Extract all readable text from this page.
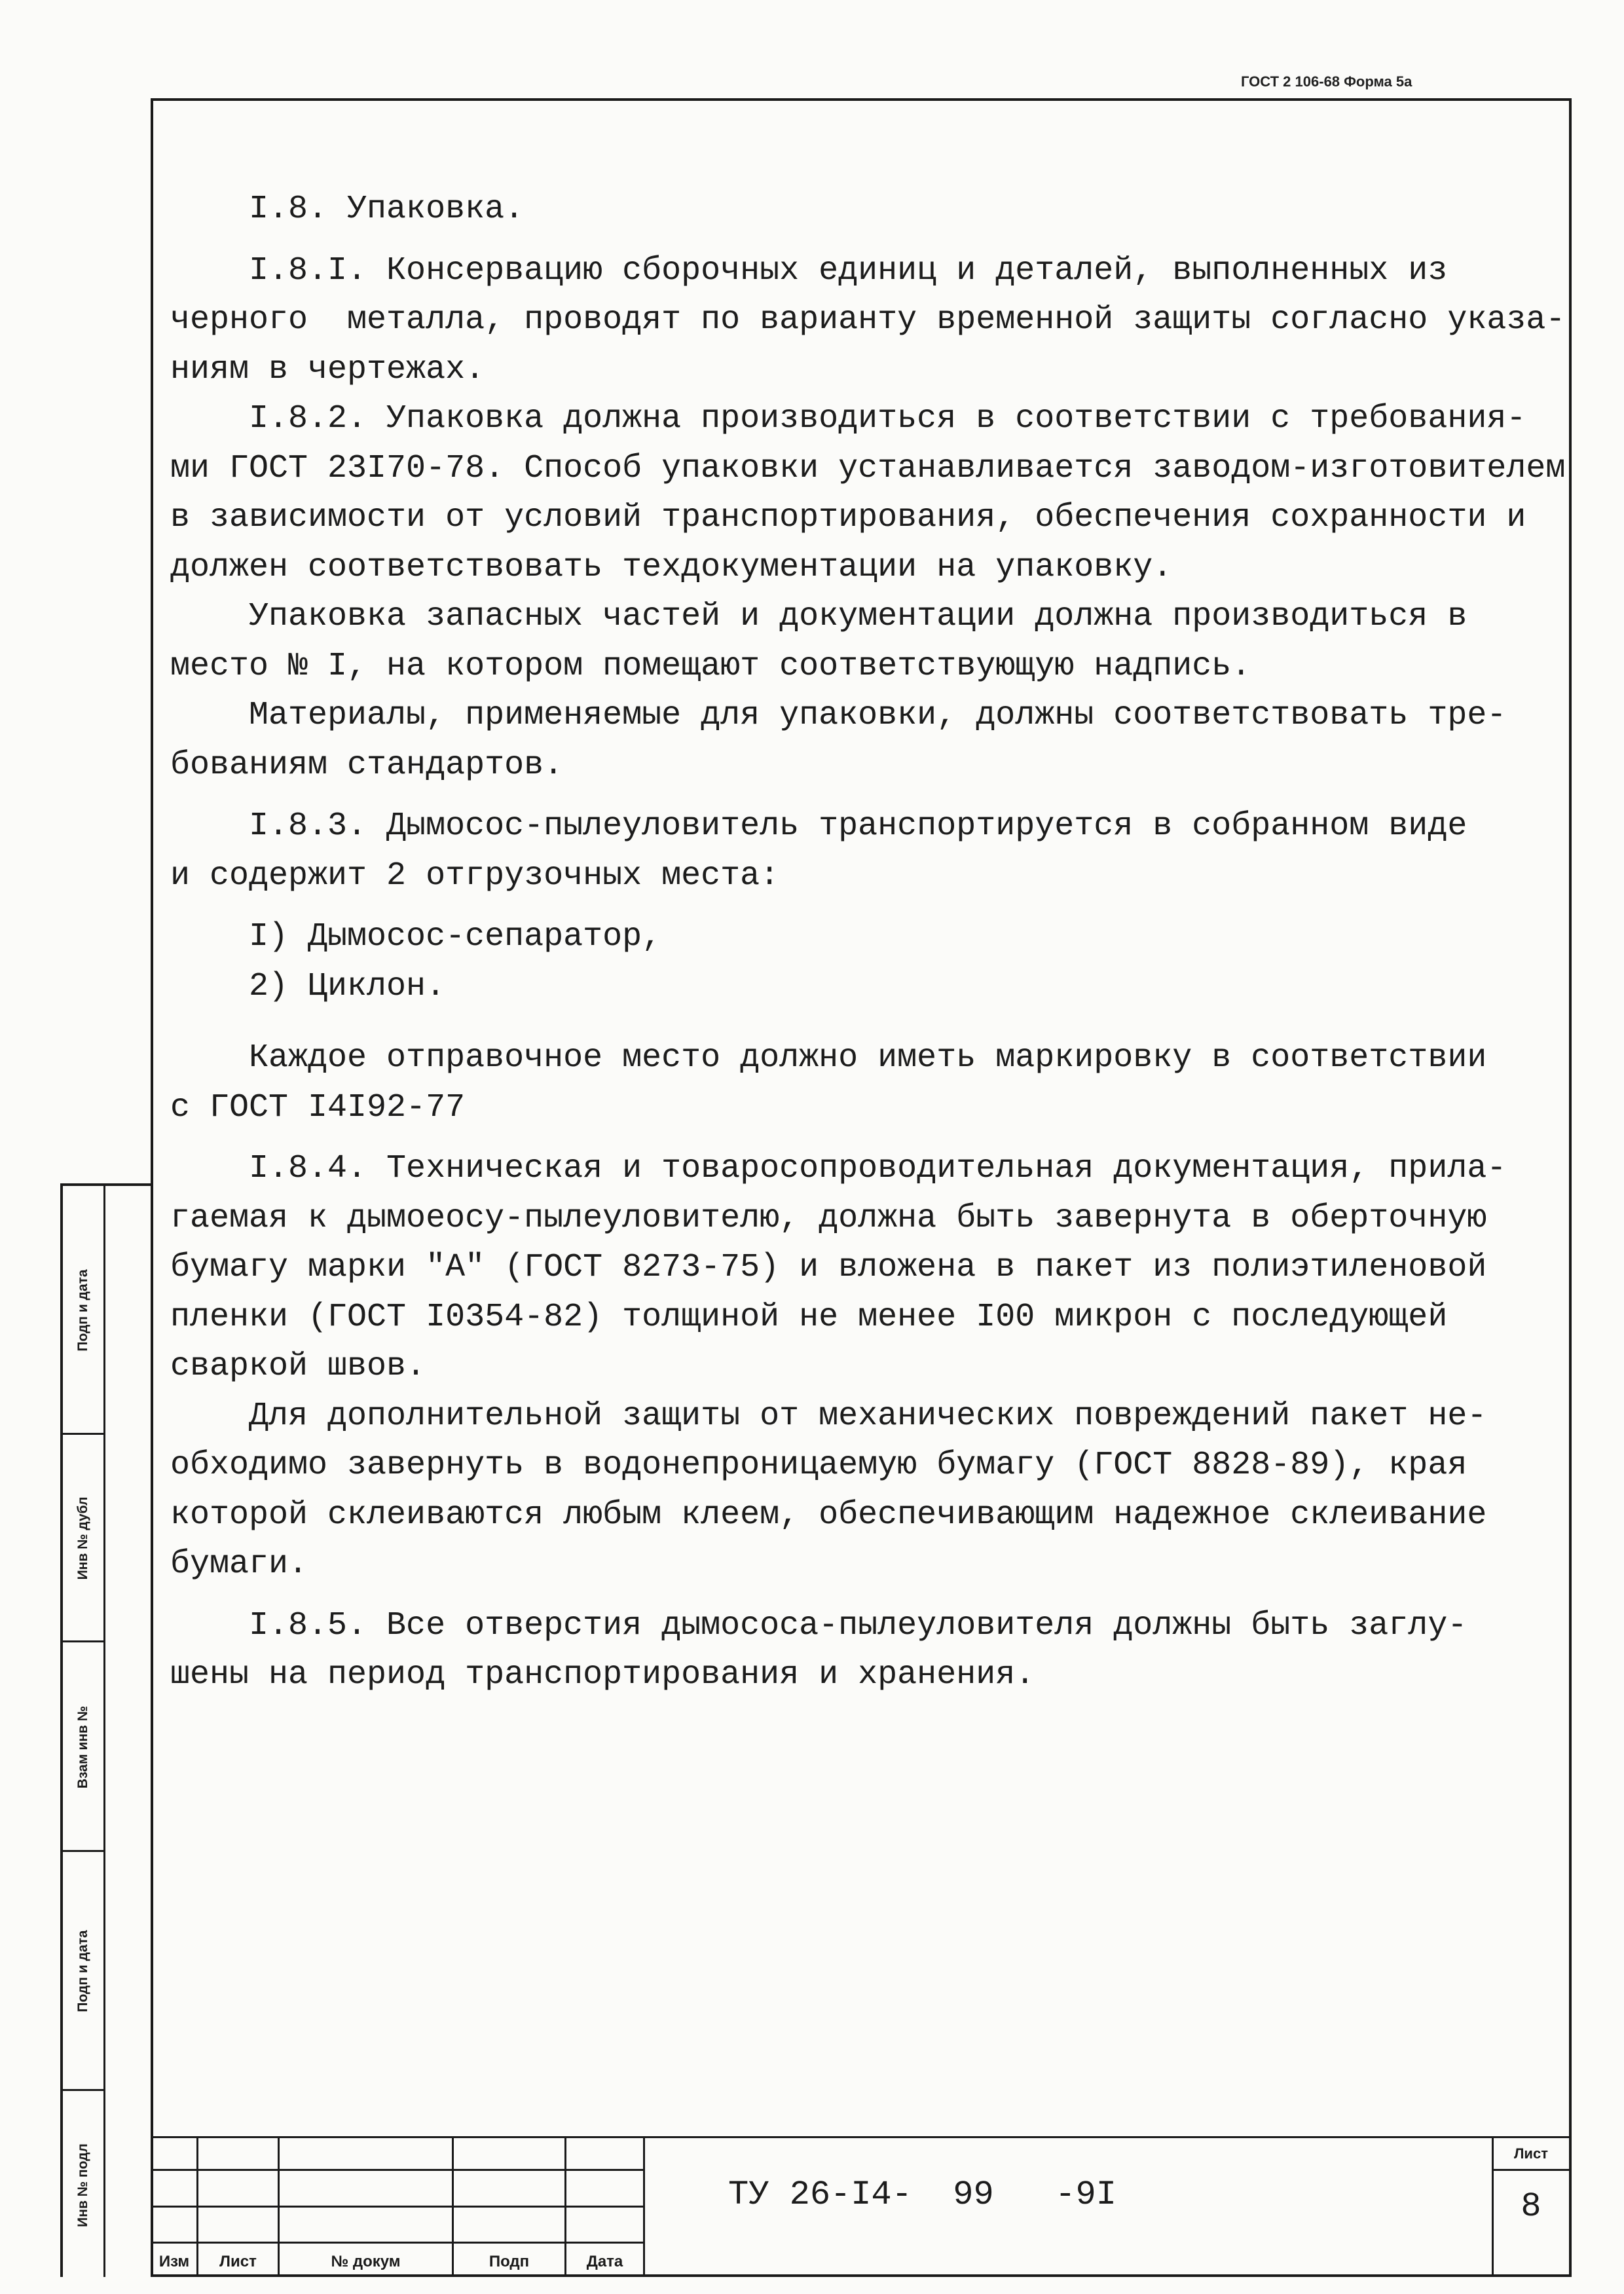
ГОСТ 2 106-68 Форма 5а

I.8. Упаковка.

I.8.I. Консервацию сборочных единиц и деталей, выполненных из

черного  металла, проводят по варианту временной защиты согласно указа-

ниям в чертежах.

I.8.2. Упаковка должна производиться в соответствии с требования-

ми ГОСТ 23I70-78. Способ упаковки устанавливается заводом-изготовителем

в зависимости от условий транспортирования, обеспечения сохранности и

должен соответствовать техдокументации на упаковку.

Упаковка запасных частей и документации должна производиться в

место № I, на котором помещают соответствующую надпись.

Материалы, применяемые для упаковки, должны соответствовать тре-

бованиям стандартов.

I.8.3. Дымосос-пылеуловитель транспортируется в собранном виде

и содержит 2 отгрузочных места:

I) Дымосос-сепаратор,

2) Циклон.

Каждое отправочное место должно иметь маркировку в соответствии

с ГОСТ I4I92-77

I.8.4. Техническая и товаросопроводительная документация, прила-

гаемая к дымоеосу-пылеуловителю, должна быть завернута в оберточную

бумагу марки "А" (ГОСТ 8273-75) и вложена в пакет из полиэтиленовой

пленки (ГОСТ I0354-82) толщиной не менее I00 микрон с последующей

сваркой швов.

Для дополнительной защиты от механических повреждений пакет не-

обходимо завернуть в водонепроницаемую бумагу (ГОСТ 8828-89), края

которой склеиваются любым клеем, обеспечивающим надежное склеивание

бумаги.

I.8.5. Все отверстия дымососа-пылеуловителя должны быть заглу-

шены на период транспортирования и хранения.

Подп и дата
Инв № дубл
Взам инв №
Подп и дата
Инв № подл
Изм	Лист	№ докум	Подп	Дата
ТУ 26-I4-  99   -9I
Лист
8
